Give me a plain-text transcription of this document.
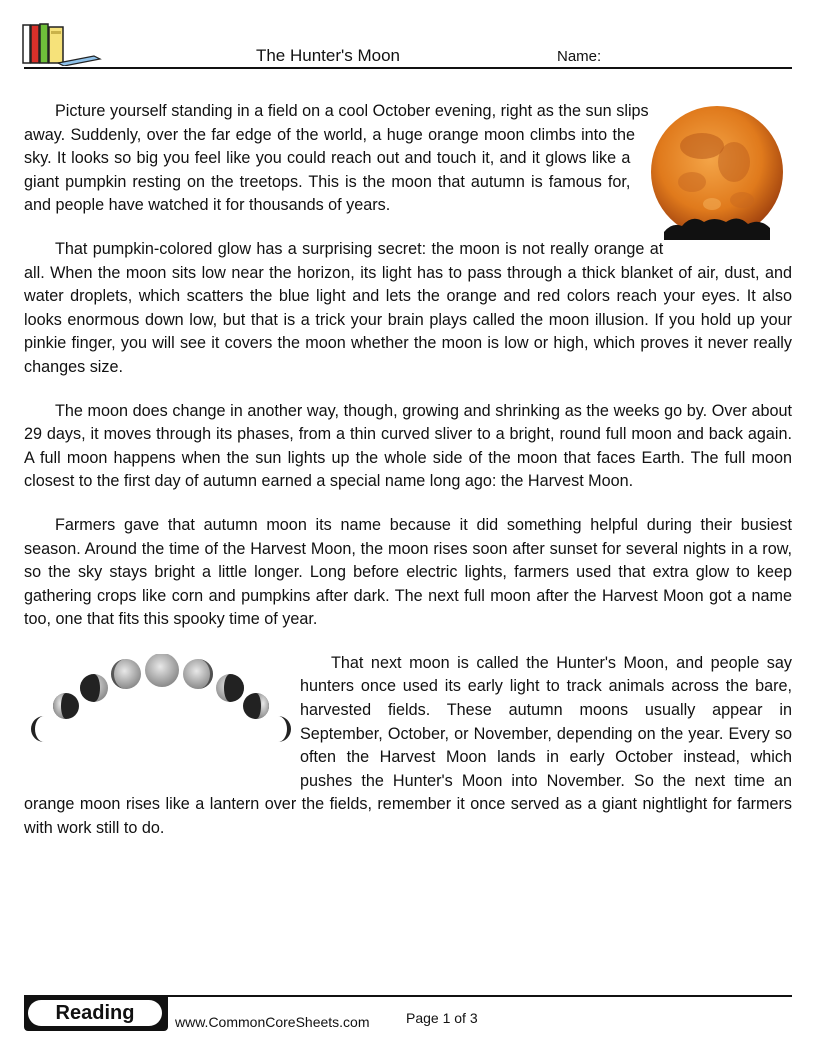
The Hunter's Moon	Name:

Picture yourself standing in a field on a cool October evening, right as the sun slips away. Suddenly, over the far edge of the world, a huge orange moon climbs into the sky. It looks so big you feel like you could reach out and touch it, and it glows like a giant pumpkin resting on the treetops. This is the moon that autumn is famous for, and people have watched it for thousands of years.

That pumpkin-colored glow has a surprising secret: the moon is not really orange at all. When the moon sits low near the horizon, its light has to pass through a thick blanket of air, dust, and water droplets, which scatters the blue light and lets the orange and red colors reach your eyes. It also looks enormous down low, but that is a trick your brain plays called the moon illusion. If you hold up your pinkie finger, you will see it covers the moon whether the moon is low or high, which proves it never really changes size.

The moon does change in another way, though, growing and shrinking as the weeks go by. Over about 29 days, it moves through its phases, from a thin curved sliver to a bright, round full moon and back again. A full moon happens when the sun lights up the whole side of the moon that faces Earth. The full moon closest to the first day of autumn earned a special name long ago: the Harvest Moon.

Farmers gave that autumn moon its name because it did something helpful during their busiest season. Around the time of the Harvest Moon, the moon rises soon after sunset for several nights in a row, so the sky stays bright a little longer. Long before electric lights, farmers used that extra glow to keep gathering crops like corn and pumpkins after dark. The next full moon after the Harvest Moon got a name too, one that fits this spooky time of year.

That next moon is called the Hunter's Moon, and people say hunters once used its early light to track animals across the bare, harvested fields. These autumn moons usually appear in September, October, or November, depending on the year. Every so often the Harvest Moon lands in early October instead, which pushes the Hunter's Moon into November. So the next time an orange moon rises like a lantern over the fields, remember it once served as a giant nightlight for farmers with work still to do.

Reading	www.CommonCoreSheets.com	Page 1 of 3
